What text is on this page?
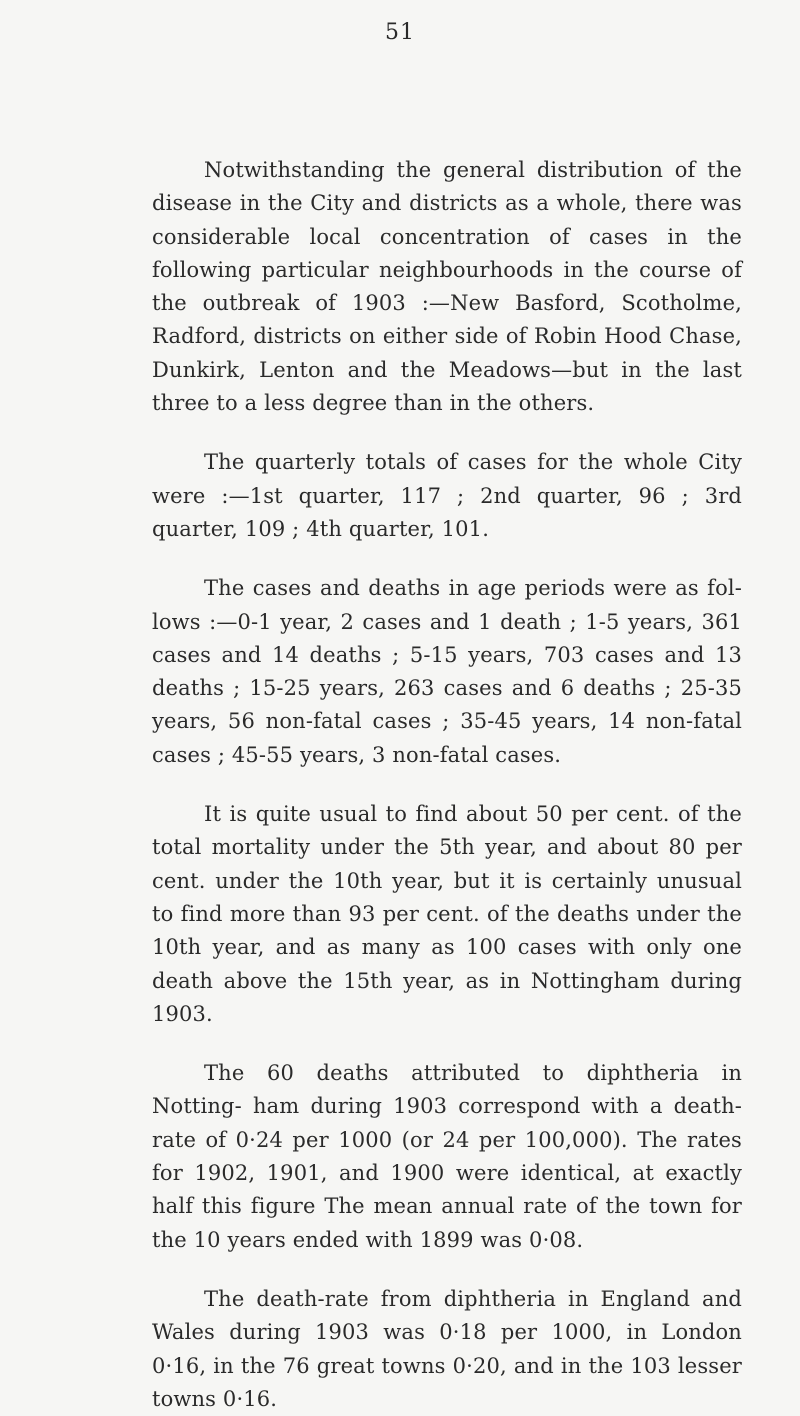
51

Notwithstanding the general distribution of the disease in the City and districts as a whole, there was considerable local concentration of cases in the following particular neighbourhoods in the course of the outbreak of 1903 :—New Basford, Scotholme, Radford, districts on either side of Robin Hood Chase, Dunkirk, Lenton and the Meadows—but in the last three to a less degree than in the others.

The quarterly totals of cases for the whole City were :—1st quarter, 117 ; 2nd quarter, 96 ; 3rd quarter, 109 ; 4th quarter, 101.

The cases and deaths in age periods were as fol- lows :—0-1 year, 2 cases and 1 death ; 1-5 years, 361 cases and 14 deaths ; 5-15 years, 703 cases and 13 deaths ; 15-25 years, 263 cases and 6 deaths ; 25-35 years, 56 non-fatal cases ; 35-45 years, 14 non-fatal cases ; 45-55 years, 3 non-fatal cases.

It is quite usual to find about 50 per cent. of the total mortality under the 5th year, and about 80 per cent. under the 10th year, but it is certainly unusual to find more than 93 per cent. of the deaths under the 10th year, and as many as 100 cases with only one death above the 15th year, as in Nottingham during 1903.

The 60 deaths attributed to diphtheria in Notting- ham during 1903 correspond with a death-rate of 0·24 per 1000 (or 24 per 100,000). The rates for 1902, 1901, and 1900 were identical, at exactly half this figure The mean annual rate of the town for the 10 years ended with 1899 was 0·08.

The death-rate from diphtheria in England and Wales during 1903 was 0·18 per 1000, in London 0·16, in the 76 great towns 0·20, and in the 103 lesser towns 0·16.
